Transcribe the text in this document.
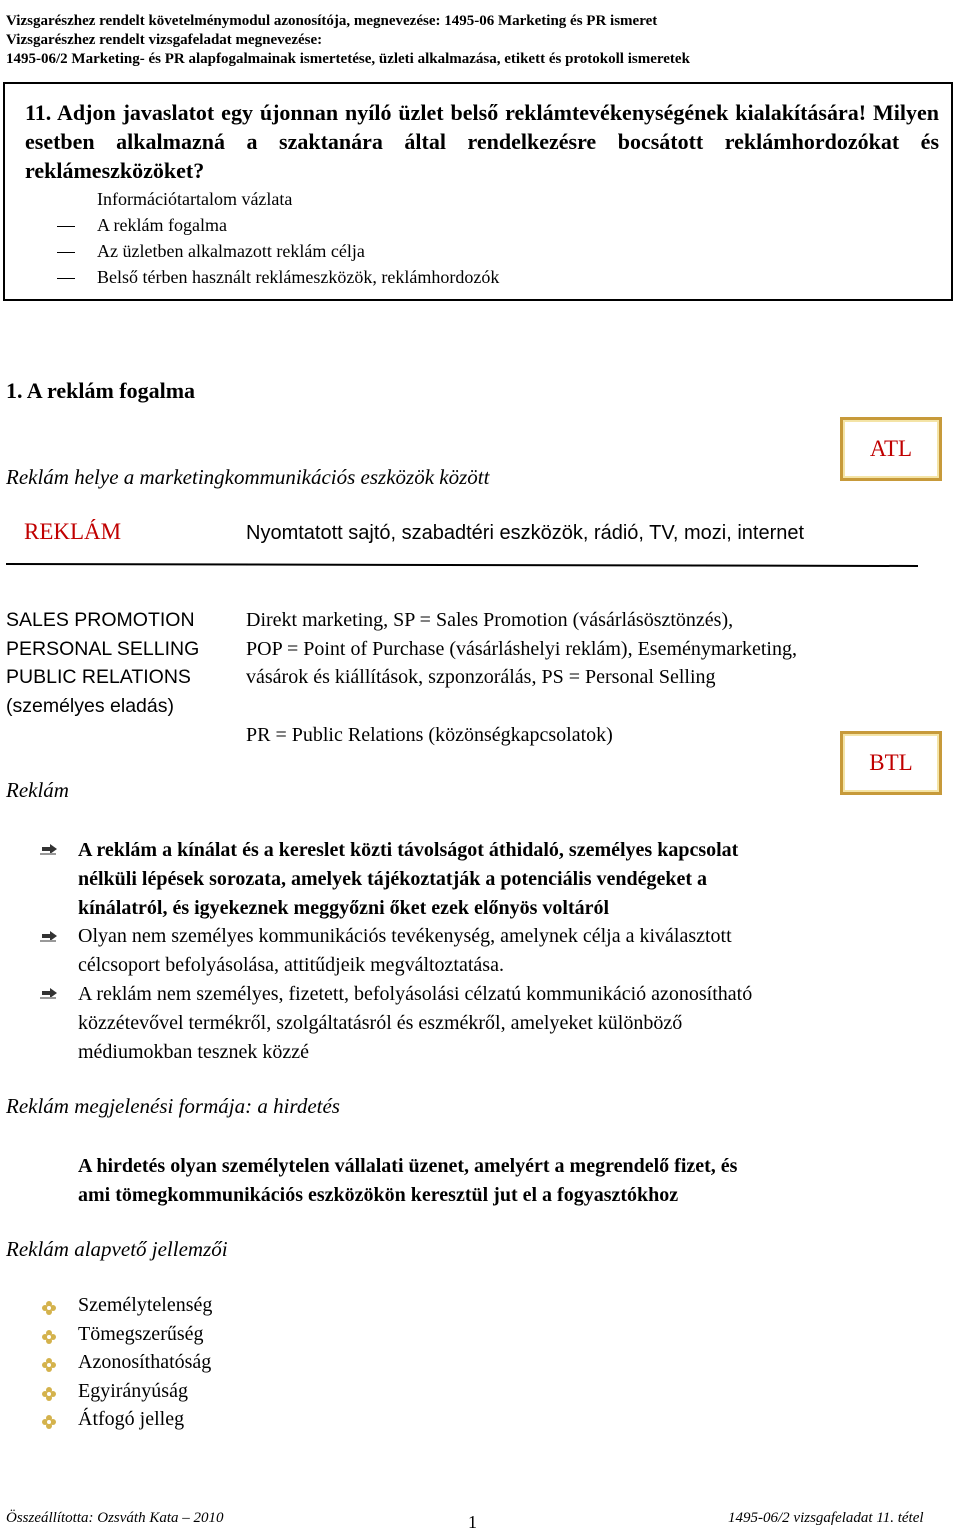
Vizsgarészhez rendelt követelménymodul azonosítója, megnevezése: 1495-06 Marketing és PR ismeret
Vizsgarészhez rendelt vizsgafeladat megnevezése:
1495-06/2 Marketing- és PR alapfogalmainak ismertetése, üzleti alkalmazása, etikett és protokoll ismeretek
11. Adjon javaslatot egy újonnan nyíló üzlet belső reklámtevékenységének kialakítására! Milyen esetben alkalmazná a szaktanára által rendelkezésre bocsátott reklámhordozókat és reklámeszközöket?
Információtartalom vázlata
A reklám fogalma
Az üzletben alkalmazott reklám célja
Belső térben használt reklámeszközök, reklámhordozók
1. A reklám fogalma
Reklám helye a marketingkommunikációs eszközök között
ATL
REKLÁM	Nyomtatott sajtó, szabadtéri eszközök, rádió, TV, mozi, internet
SALES PROMOTION
PERSONAL SELLING
PUBLIC RELATIONS
(személyes eladás)
Direkt marketing, SP = Sales Promotion (vásárlásösztönzés),
POP = Point of Purchase (vásárláshelyi reklám), Eseménymarketing,
vásárok és kiállítások, szponzorálás, PS = Personal Selling
PR = Public Relations (közönségkapcsolatok)
BTL
Reklám
A reklám a kínálat és a kereslet közti távolságot áthidaló, személyes kapcsolat
nélküli lépések sorozata, amelyek tájékoztatják a potenciális vendégeket a
kínálatról, és igyekeznek meggyőzni őket ezek előnyös voltáról
Olyan nem személyes kommunikációs tevékenység, amelynek célja a kiválasztott
célcsoport befolyásolása, attitűdjeik megváltoztatása.
A reklám nem személyes, fizetett, befolyásolási célzatú kommunikáció azonosítható
közzétevővel termékről, szolgáltatásról és eszmékről, amelyeket különböző
médiumokban tesznek közzé
Reklám megjelenési formája: a hirdetés
A hirdetés olyan személytelen vállalati üzenet, amelyért a megrendelő fizet, és
ami tömegkommunikációs eszközökön keresztül jut el a fogyasztókhoz
Reklám alapvető jellemzői
Személytelenség
Tömegszerűség
Azonosíthatóság
Egyirányúság
Átfogó jelleg
Összeállította: Ozsváth Kata – 2010	1	1495-06/2 vizsgafeladat 11. tétel
